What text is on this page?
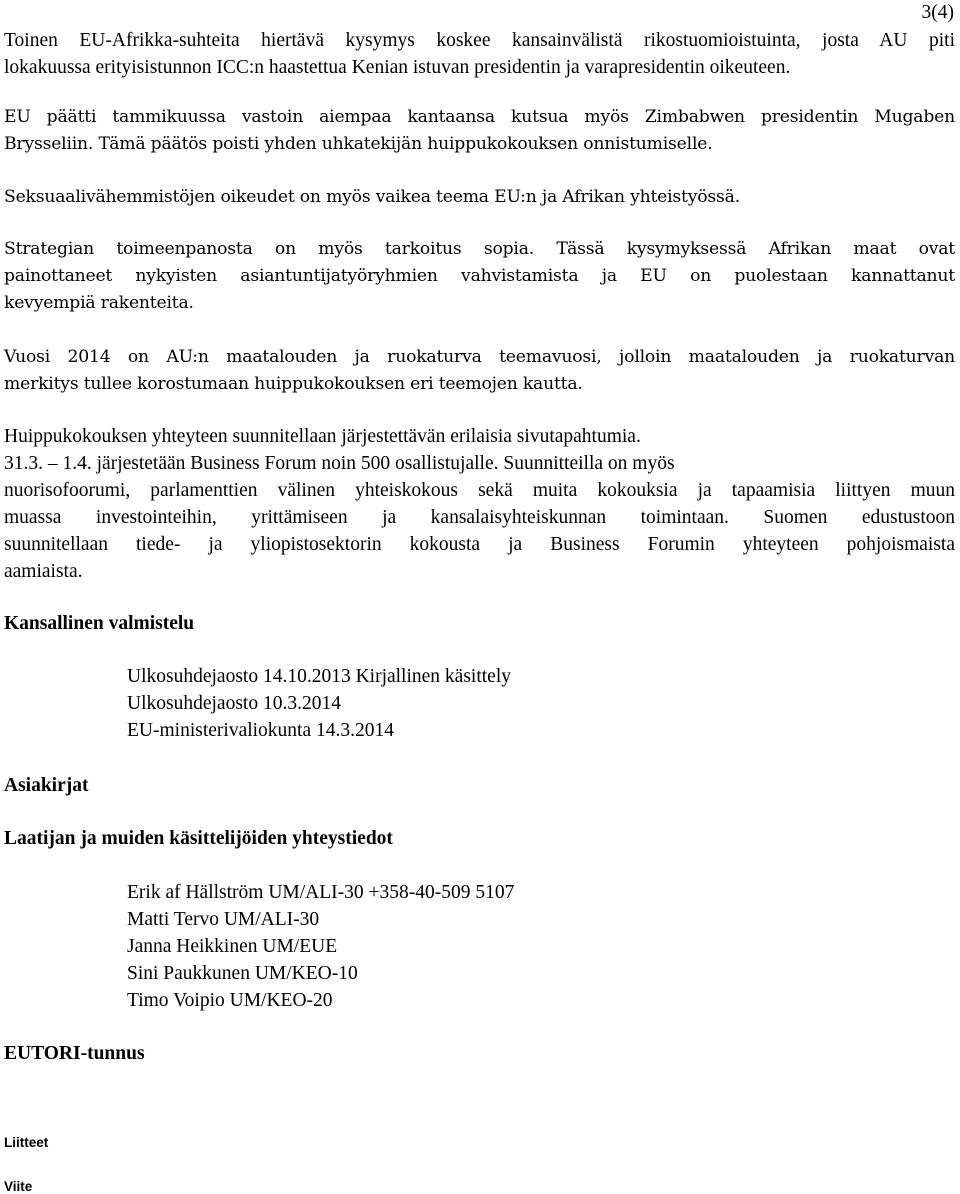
3(4)
Toinen EU-Afrikka-suhteita hiertävä kysymys koskee kansainvälistä rikostuomioistuinta, josta AU piti
lokakuussa erityisistunnon ICC:n haastettua Kenian istuvan presidentin ja varapresidentin oikeuteen.
EU päätti tammikuussa vastoin aiempaa kantaansa kutsua myös Zimbabwen presidentin Mugaben
Brysseliin. Tämä päätös poisti yhden uhkatekijän huippukokouksen onnistumiselle.
Seksuaalivähemmistöjen oikeudet on myös vaikea teema EU:n ja Afrikan yhteistyössä.
Strategian toimeenpanosta on myös tarkoitus sopia. Tässä kysymyksessä Afrikan maat ovat
painottaneet nykyisten asiantuntijatyöryhmien vahvistamista ja EU on puolestaan kannattanut
kevyempiä rakenteita.
Vuosi 2014 on AU:n maatalouden ja ruokaturva teemavuosi, jolloin maatalouden ja ruokaturvan
merkitys tullee korostumaan huippukokouksen eri teemojen kautta.
Huippukokouksen yhteyteen suunnitellaan järjestettävän erilaisia sivutapahtumia.
31.3. – 1.4. järjestetään Business Forum noin 500 osallistujalle. Suunnitteilla on myös
nuorisofoorumi, parlamenttien välinen yhteiskokous sekä muita kokouksia ja tapaamisia liittyen muun
muassa investointeihin, yrittämiseen ja kansalaisyhteiskunnan toimintaan. Suomen edustustoon
suunnitellaan tiede- ja yliopistosektorin kokousta ja Business Forumin yhteyteen pohjoismaista
aamiaista.
Kansallinen valmistelu
Ulkosuhdejaosto 14.10.2013 Kirjallinen käsittely
Ulkosuhdejaosto 10.3.2014
EU-ministerivaliokunta 14.3.2014
Asiakirjat
Laatijan ja muiden käsittelijöiden yhteystiedot
Erik af Hällström UM/ALI-30 +358-40-509 5107
Matti Tervo UM/ALI-30
Janna Heikkinen UM/EUE
Sini Paukkunen UM/KEO-10
Timo Voipio UM/KEO-20
EUTORI-tunnus
Liitteet
Viite
